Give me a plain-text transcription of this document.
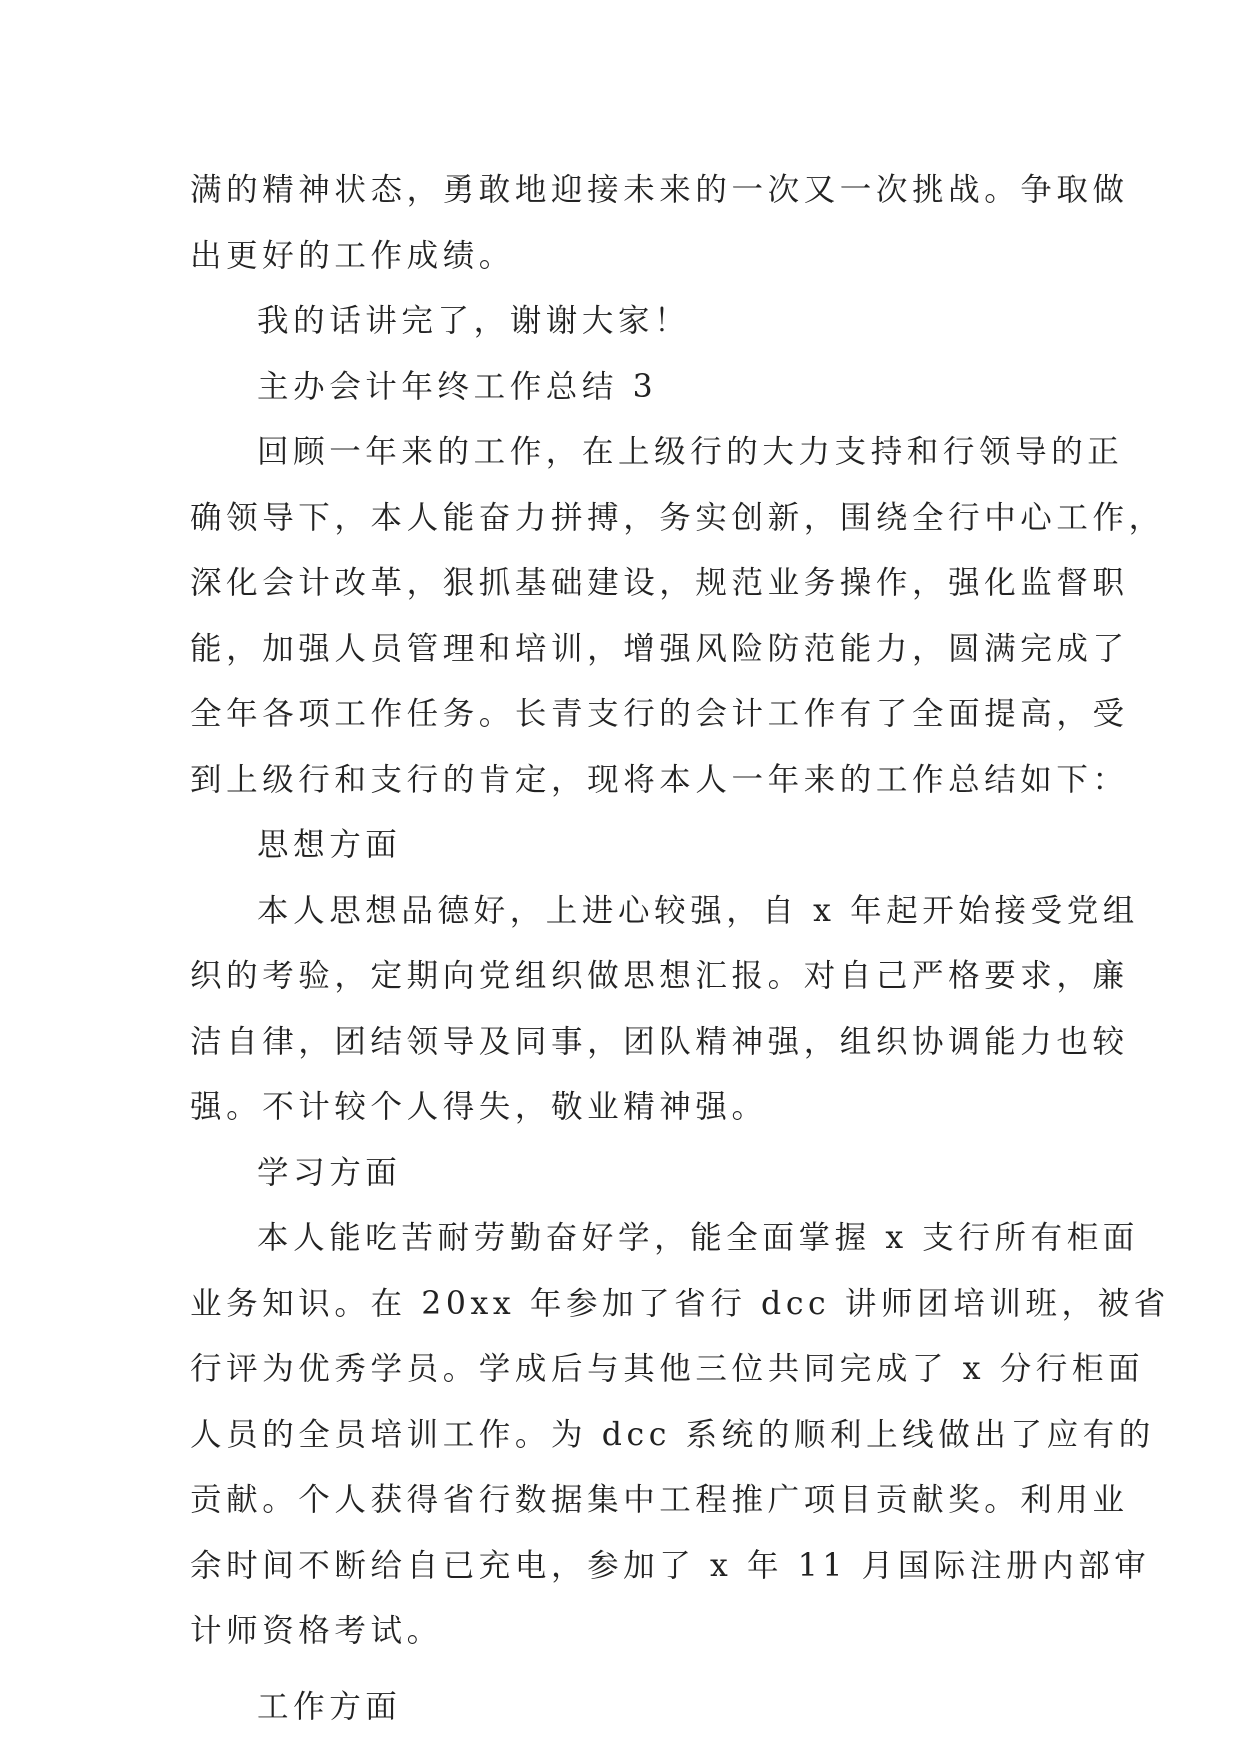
满的精神状态，勇敢地迎接未来的一次又一次挑战。争取做
出更好的工作成绩。
我的话讲完了，谢谢大家！
主办会计年终工作总结 3
回顾一年来的工作，在上级行的大力支持和行领导的正
确领导下，本人能奋力拼搏，务实创新，围绕全行中心工作，
深化会计改革，狠抓基础建设，规范业务操作，强化监督职
能，加强人员管理和培训，增强风险防范能力，圆满完成了
全年各项工作任务。长青支行的会计工作有了全面提高，受
到上级行和支行的肯定，现将本人一年来的工作总结如下：
思想方面
本人思想品德好，上进心较强，自 x 年起开始接受党组
织的考验，定期向党组织做思想汇报。对自己严格要求，廉
洁自律，团结领导及同事，团队精神强，组织协调能力也较
强。不计较个人得失，敬业精神强。
学习方面
本人能吃苦耐劳勤奋好学，能全面掌握 x 支行所有柜面
业务知识。在 20xx 年参加了省行 dcc 讲师团培训班，被省
行评为优秀学员。学成后与其他三位共同完成了 x 分行柜面
人员的全员培训工作。为 dcc 系统的顺利上线做出了应有的
贡献。个人获得省行数据集中工程推广项目贡献奖。利用业
余时间不断给自已充电，参加了 x 年 11 月国际注册内部审
计师资格考试。
工作方面
